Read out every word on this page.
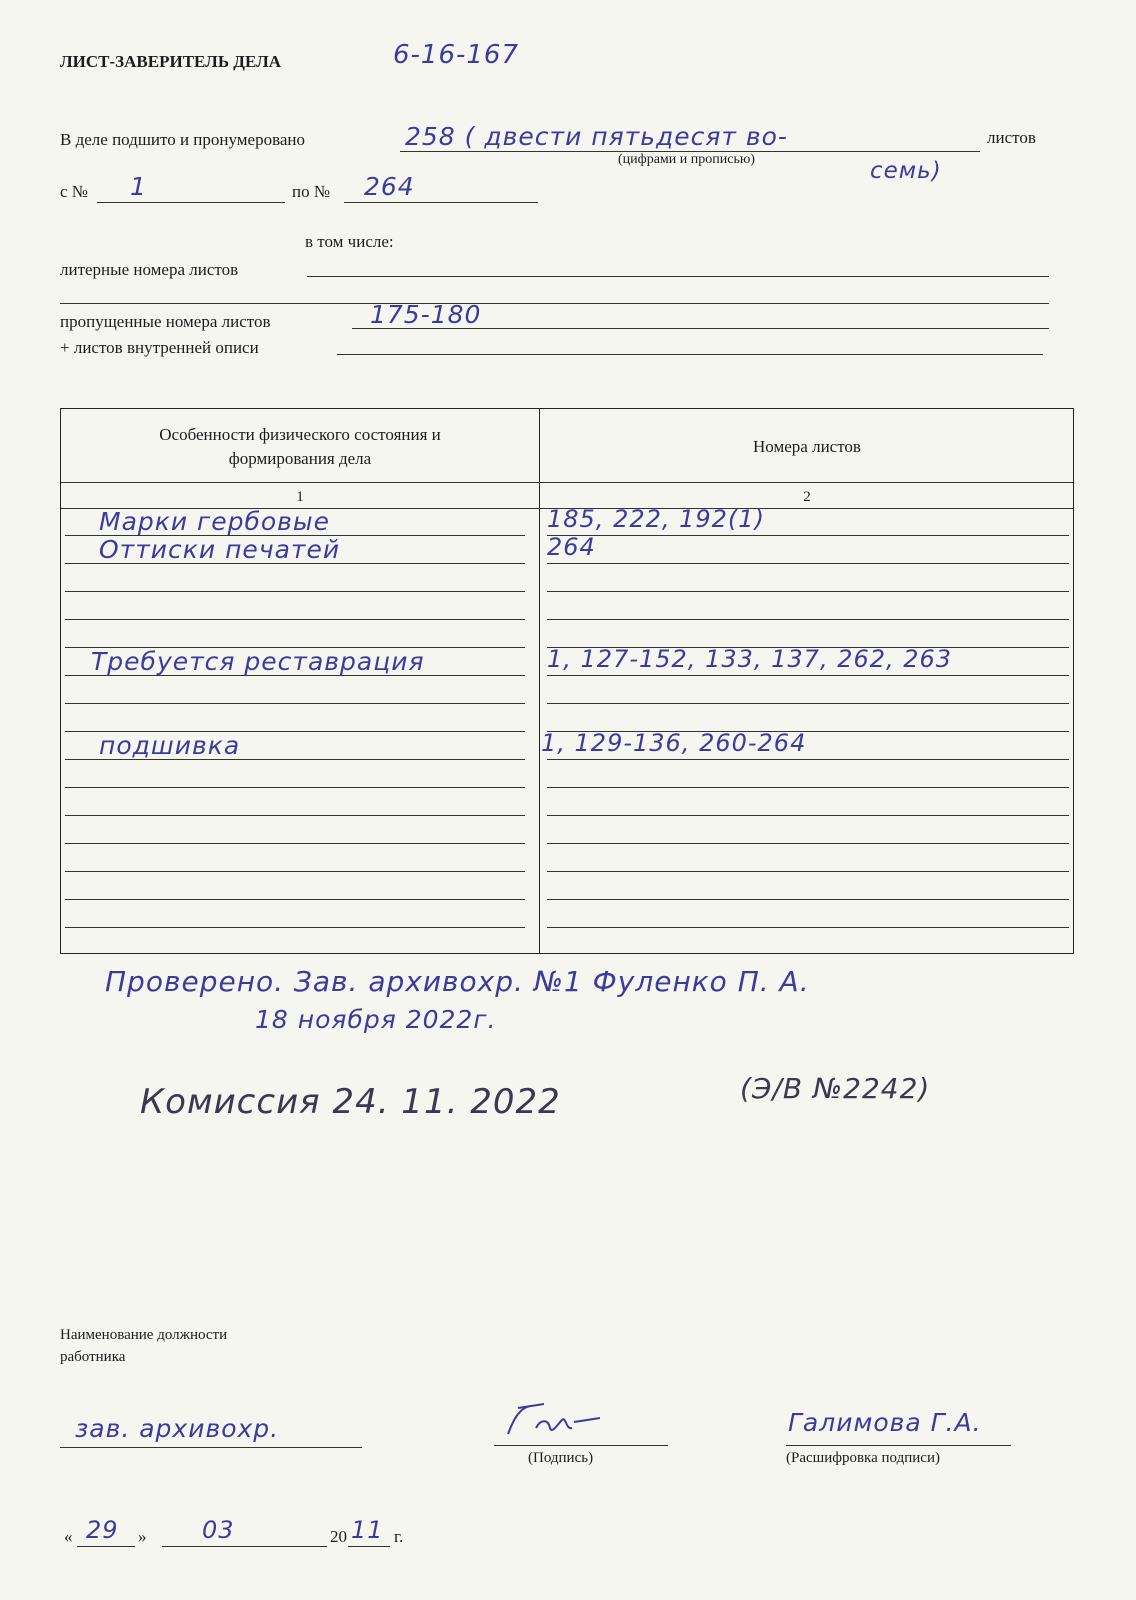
ЛИСТ-ЗАВЕРИТЕЛЬ ДЕЛА	6-16-167
В деле подшито и пронумеровано	258 ( двести пятьдесят во-	листов
(цифрами и прописью)	семь)
с № 1	по № 264
в том числе:
литерные номера листов
пропущенные номера листов	175-180
+ листов внутренней описи
Особенности физического состояния и формирования дела
Номера листов
1	2
Марки гербовые	185, 222, 192(1)
Оттиски печатей	264
Требуется реставрация	1, 127-152, 133, 137, 262, 263
подшивка	1, 129-136, 260-264
Проверено. Зав. архивохр. №1 Фуленко П. А.
18 ноября 2022г.
Комиссия 24. 11. 2022	(Э/В №2242)
Наименование должности работника
зав. архивохр.
(Подпись)
Галимова Г.А.
(Расшифровка подписи)
« 29 » 03	20 11 г.
